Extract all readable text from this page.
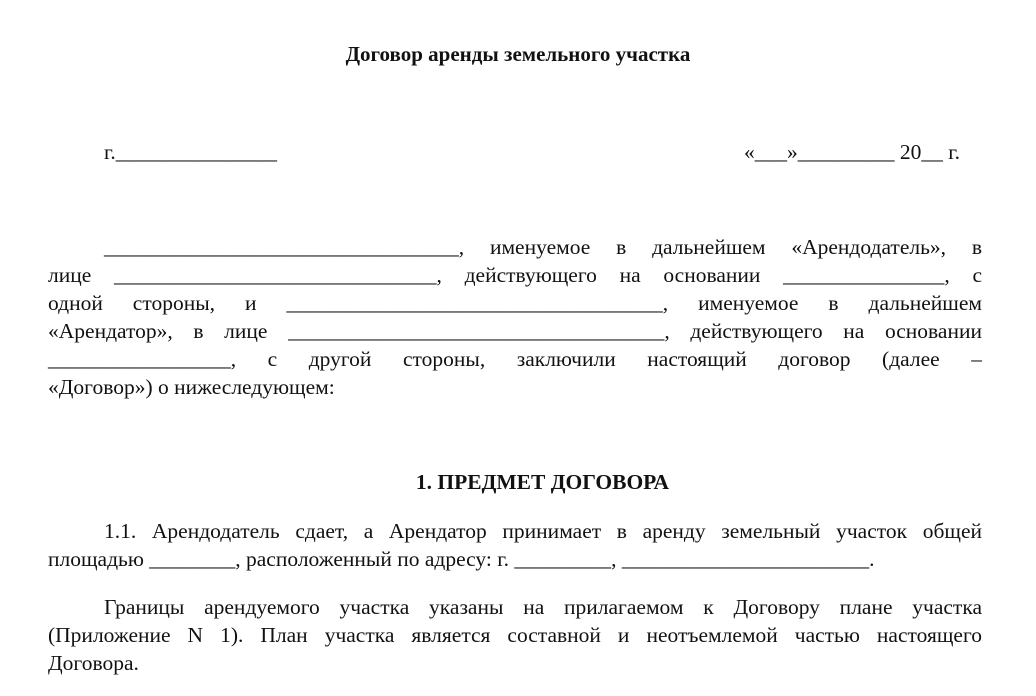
Договор аренды земельного участка
г._______________	«___»_________ 20__ г.
_________________________________, именуемое в дальнейшем «Арендодатель», в
лице ______________________________, действующего на основании _______________, с
одной стороны, и ___________________________________, именуемое в дальнейшем
«Арендатор», в лице ___________________________________, действующего на основании
_________________, с другой стороны, заключили настоящий договор (далее –
«Договор») о нижеследующем:
1. ПРЕДМЕТ ДОГОВОРА
1.1. Арендодатель сдает, а Арендатор принимает в аренду земельный участок общей
площадью ________, расположенный по адресу: г. _________, _______________________.
Границы арендуемого участка указаны на прилагаемом к Договору плане участка
(Приложение N 1). План участка является составной и неотъемлемой частью настоящего
Договора.
